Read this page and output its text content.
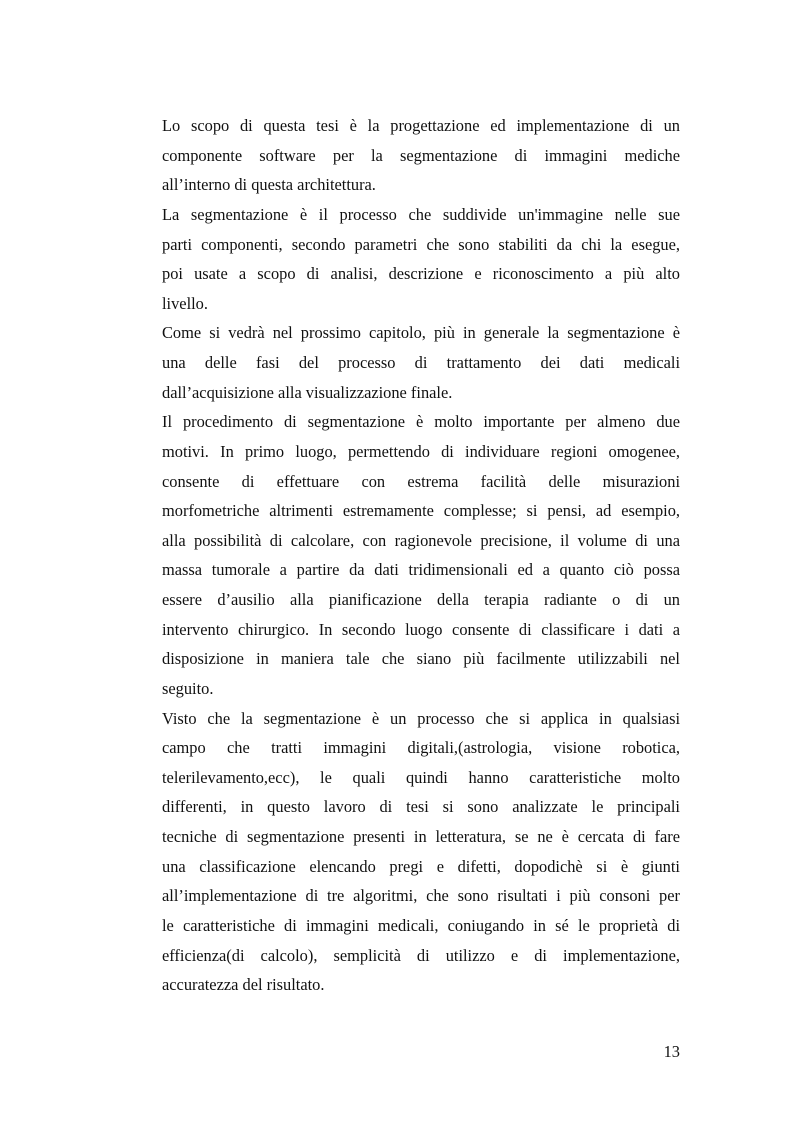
Lo scopo di questa tesi è la progettazione ed implementazione di un
componente software per la segmentazione di immagini mediche
all’interno di questa architettura.
La segmentazione è il processo che suddivide un'immagine nelle sue
parti componenti, secondo parametri che sono stabiliti da chi la esegue,
poi usate a scopo di analisi, descrizione e riconoscimento a più alto
livello.
Come si vedrà nel prossimo capitolo, più in generale la segmentazione è
una delle fasi del processo di trattamento dei dati medicali
dall’acquisizione alla visualizzazione finale.
Il procedimento di segmentazione è molto importante per almeno due
motivi. In primo luogo, permettendo di individuare regioni omogenee,
consente di effettuare con estrema facilità delle misurazioni
morfometriche altrimenti estremamente complesse; si pensi, ad esempio,
alla possibilità di calcolare, con ragionevole precisione, il volume di una
massa tumorale a partire da dati tridimensionali ed a quanto ciò possa
essere d’ausilio alla pianificazione della terapia radiante o di un
intervento chirurgico. In secondo luogo consente di classificare i dati a
disposizione in maniera tale che siano più facilmente utilizzabili nel
seguito.
Visto che la segmentazione è un processo che si applica in qualsiasi
campo che tratti immagini digitali,(astrologia, visione robotica,
telerilevamento,ecc), le quali quindi hanno caratteristiche molto
differenti, in questo lavoro di tesi si sono analizzate le principali
tecniche di segmentazione presenti in letteratura, se ne è cercata di fare
una classificazione elencando pregi e difetti, dopodichè si è giunti
all’implementazione di tre algoritmi, che sono risultati i più consoni per
le caratteristiche di immagini medicali, coniugando in sé le proprietà di
efficienza(di calcolo), semplicità di utilizzo e di implementazione,
accuratezza del risultato.
13
